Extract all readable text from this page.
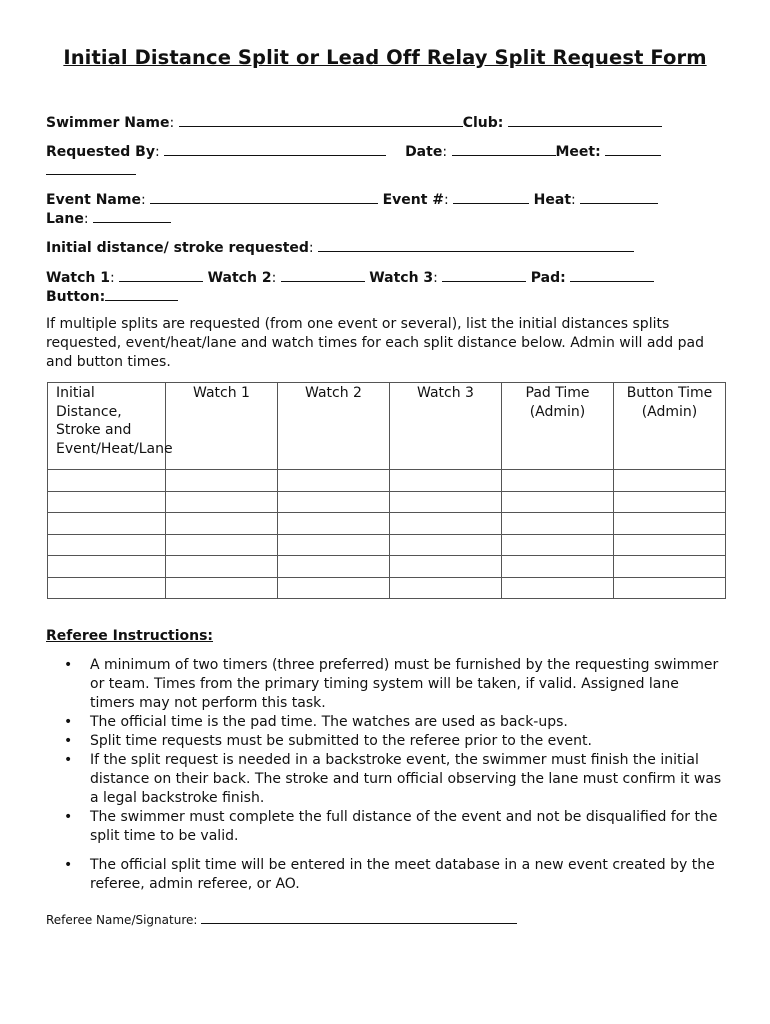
Initial Distance Split or Lead Off Relay Split Request Form
Swimmer Name:	Club:
Requested By:	Date:	Meet:
Event Name:	Event #:	Heat:
Lane:
Initial distance/ stroke requested:
Watch 1:	Watch 2:	Watch 3:	Pad:
Button:
If multiple splits are requested (from one event or several), list the initial distances splits requested, event/heat/lane and watch times for each split distance below. Admin will add pad and button times.
Initial Distance, Stroke and Event/Heat/Lane	Watch 1	Watch 2	Watch 3	Pad Time (Admin)	Button Time (Admin)

Referee Instructions:
• A minimum of two timers (three preferred) must be furnished by the requesting swimmer or team. Times from the primary timing system will be taken, if valid. Assigned lane timers may not perform this task.
• The official time is the pad time. The watches are used as back-ups.
• Split time requests must be submitted to the referee prior to the event.
• If the split request is needed in a backstroke event, the swimmer must finish the initial distance on their back. The stroke and turn official observing the lane must confirm it was a legal backstroke finish.
• The swimmer must complete the full distance of the event and not be disqualified for the split time to be valid.
• The official split time will be entered in the meet database in a new event created by the referee, admin referee, or AO.
Referee Name/Signature:
